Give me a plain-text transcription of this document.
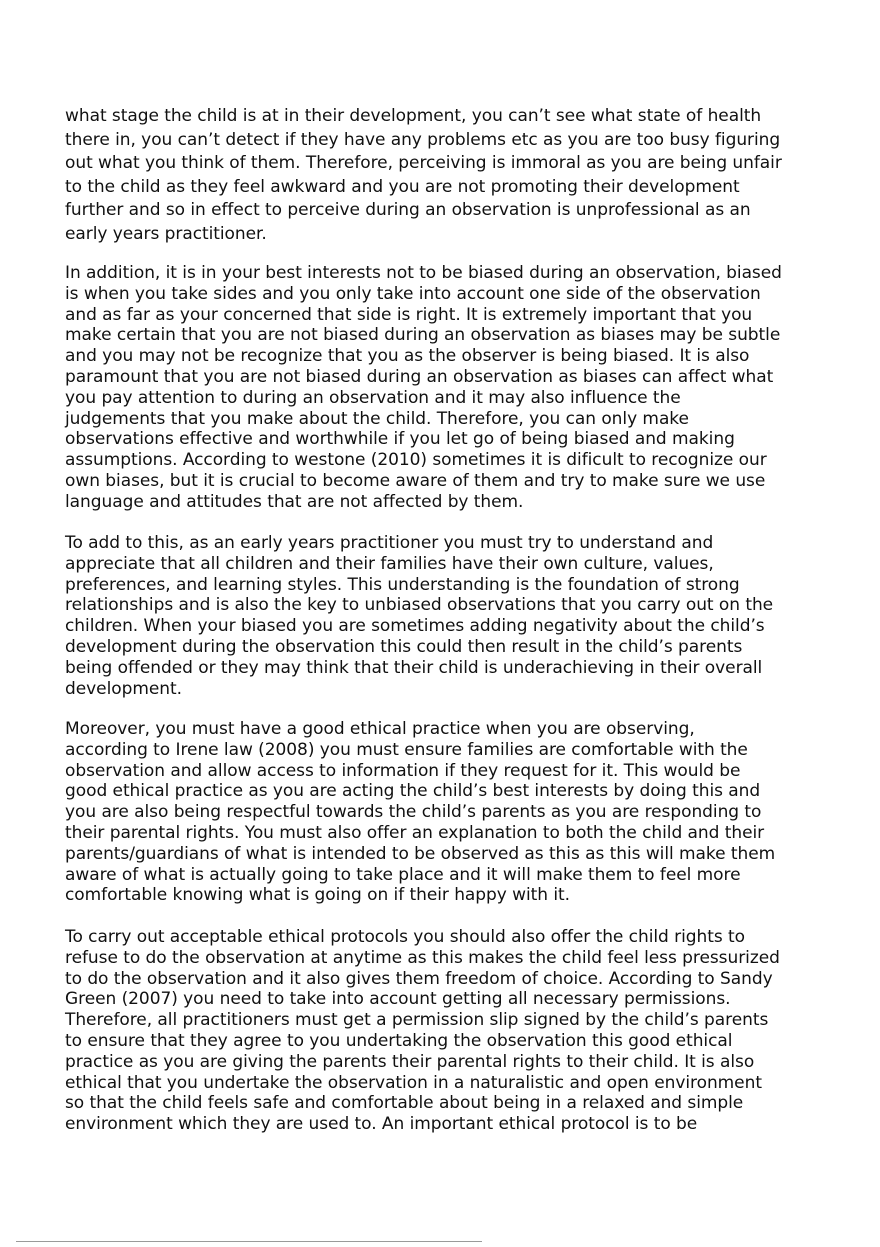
what stage the child is at in their development, you can’t see what state of health
there in, you can’t detect if they have any problems etc as you are too busy figuring
out what you think of them. Therefore, perceiving is immoral as you are being unfair
to the child as they feel awkward and you are not promoting their development
further and so in effect to perceive during an observation is unprofessional as an
early years practitioner.

In addition, it is in your best interests not to be biased during an observation, biased
is when you take sides and you only take into account one side of the observation
and as far as your concerned that side is right. It is extremely important that you
make certain that you are not biased during an observation as biases may be subtle
and you may not be recognize that you as the observer is being biased. It is also
paramount that you are not biased during an observation as biases can affect what
you pay attention to during an observation and it may also influence the
judgements that you make about the child. Therefore, you can only make
observations effective and worthwhile if you let go of being biased and making
assumptions. According to westone (2010) sometimes it is difi̇cult to recognize our
own biases, but it is crucial to become aware of them and try to make sure we use
language and attitudes that are not affected by them.

To add to this, as an early years practitioner you must try to understand and
appreciate that all children and their families have their own culture, values,
preferences, and learning styles. This understanding is the foundation of strong
relationships and is also the key to unbiased observations that you carry out on the
children. When your biased you are sometimes adding negativity about the child’s
development during the observation this could then result in the child’s parents
being offended or they may think that their child is underachieving in their overall
development.

Moreover, you must have a good ethical practice when you are observing,
according to Irene law (2008) you must ensure families are comfortable with the
observation and allow access to information if they request for it. This would be
good ethical practice as you are acting the child’s best interests by doing this and
you are also being respectful towards the child’s parents as you are responding to
their parental rights. You must also offer an explanation to both the child and their
parents/guardians of what is intended to be observed as this as this will make them
aware of what is actually going to take place and it will make them to feel more
comfortable knowing what is going on if their happy with it.

To carry out acceptable ethical protocols you should also offer the child rights to
refuse to do the observation at anytime as this makes the child feel less pressurized
to do the observation and it also gives them freedom of choice. According to Sandy
Green (2007) you need to take into account getting all necessary permissions.
Therefore, all practitioners must get a permission slip signed by the child’s parents
to ensure that they agree to you undertaking the observation this good ethical
practice as you are giving the parents their parental rights to their child. It is also
ethical that you undertake the observation in a naturalistic and open environment
so that the child feels safe and comfortable about being in a relaxed and simple
environment which they are used to. An important ethical protocol is to be
